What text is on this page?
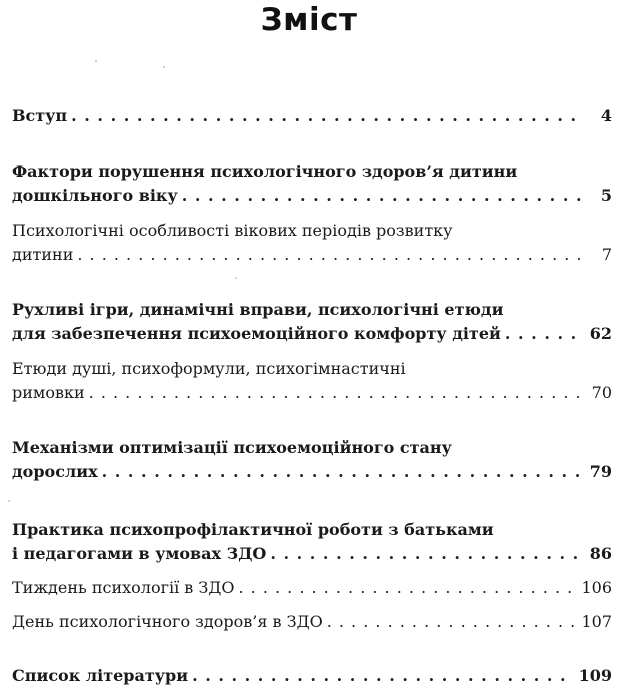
Зміст
Вступ . . .	4
Фактори порушення психологічного здоров’я дитини
дошкільного віку . . .	5
Психологічні особливості вікових періодів розвитку
дитини . . .	7
Рухливі ігри, динамічні вправи, психологічні етюди
для забезпечення психоемоційного комфорту дітей . . .	62
Етюди душі, психоформули, психогімнастичні
римовки . . .	70
Механізми оптимізації психоемоційного стану
дорослих . . .	79
Практика психопрофілактичної роботи з батьками
і педагогами в умовах ЗДО . . .	86
Тиждень психології в ЗДО . . .	106
День психологічного здоров’я в ЗДО . . .	107
Список літератури . . .	109
